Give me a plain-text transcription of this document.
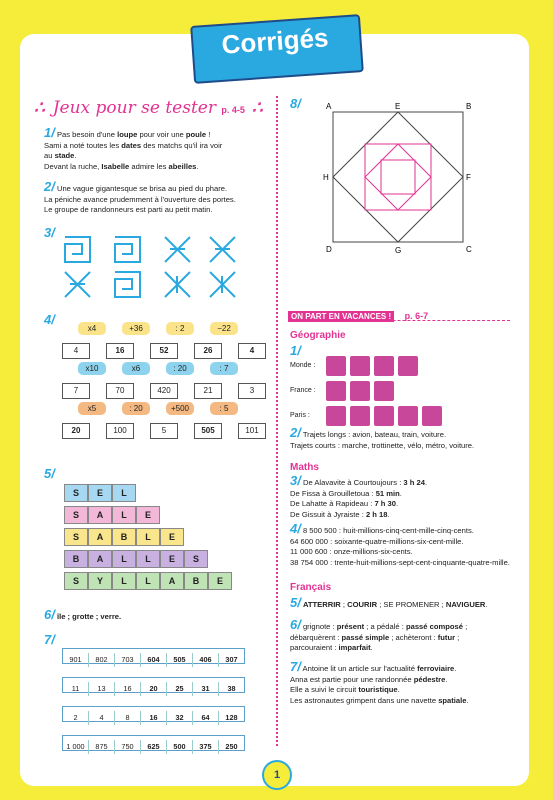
Corrigés
∴ Jeux pour se tester p. 4-5 ∴
1/ Pas besoin d'une loupe pour voir une poule !
Sami a noté toutes les dates des matchs qu'il ira voir
au stade.
Devant la ruche, Isabelle admire les abeilles.
2/ Une vague gigantesque se brisa au pied du phare.
La péniche avance prudemment à l'ouverture des portes.
Le groupe de randonneurs est parti au petit matin.
3/
4/
x4	+36	: 2	−22
4	16	52	26	4
x10	x6	: 20	: 7
7	70	420	21	3
x5	: 20	+500	: 5
20	100	5	505	101
5/
S	E	L
S	A	L	E
S	A	B	L	E
B	A	L	L	E	S
S	Y	L	L	A	B	E
6/ île ; grotte ; verre.
7/
901 802 703 604 505 406 307
11 13 16 20 25 31 38
2	4	8	16 32 64 128
1 000 875 750 625 500 375 250
8/	A	E	B
H	F
D	G	C
ON PART EN VACANCES ! p. 6-7
Géographie
1/
Monde :
France :
Paris :
2/ Trajets longs : avion, bateau, train, voiture.
Trajets courts : marche, trottinette, vélo, métro, voiture.
Maths
3/ De Alavavite à Courtoujours : 3 h 24.
De Fissa à Grouilletoua : 51 min.
De Lahatte à Rapideau : 7 h 30.
De Gissuit à Jyraiste : 2 h 18.
4/ 8 500 500 : huit-millions-cinq-cent-mille-cinq-cents.
64 600 000 : soixante-quatre-millions-six-cent-mille.
11 000 600 : onze-millions-six-cents.
38 754 000 : trente-huit-millions-sept-cent-cinquante-quatre-mille.
Français
5/ ATTERRIR ; COURIR ; SE PROMENER ; NAVIGUER.
6/ grignote : présent ; a pédalé : passé composé ;
débarquèrent : passé simple ; achèteront : futur ;
parcouraient : imparfait.
7/ Antoine lit un article sur l'actualité ferroviaire.
Anna est partie pour une randonnée pédestre.
Elle a suivi le circuit touristique.
Les astronautes grimpent dans une navette spatiale.
1
